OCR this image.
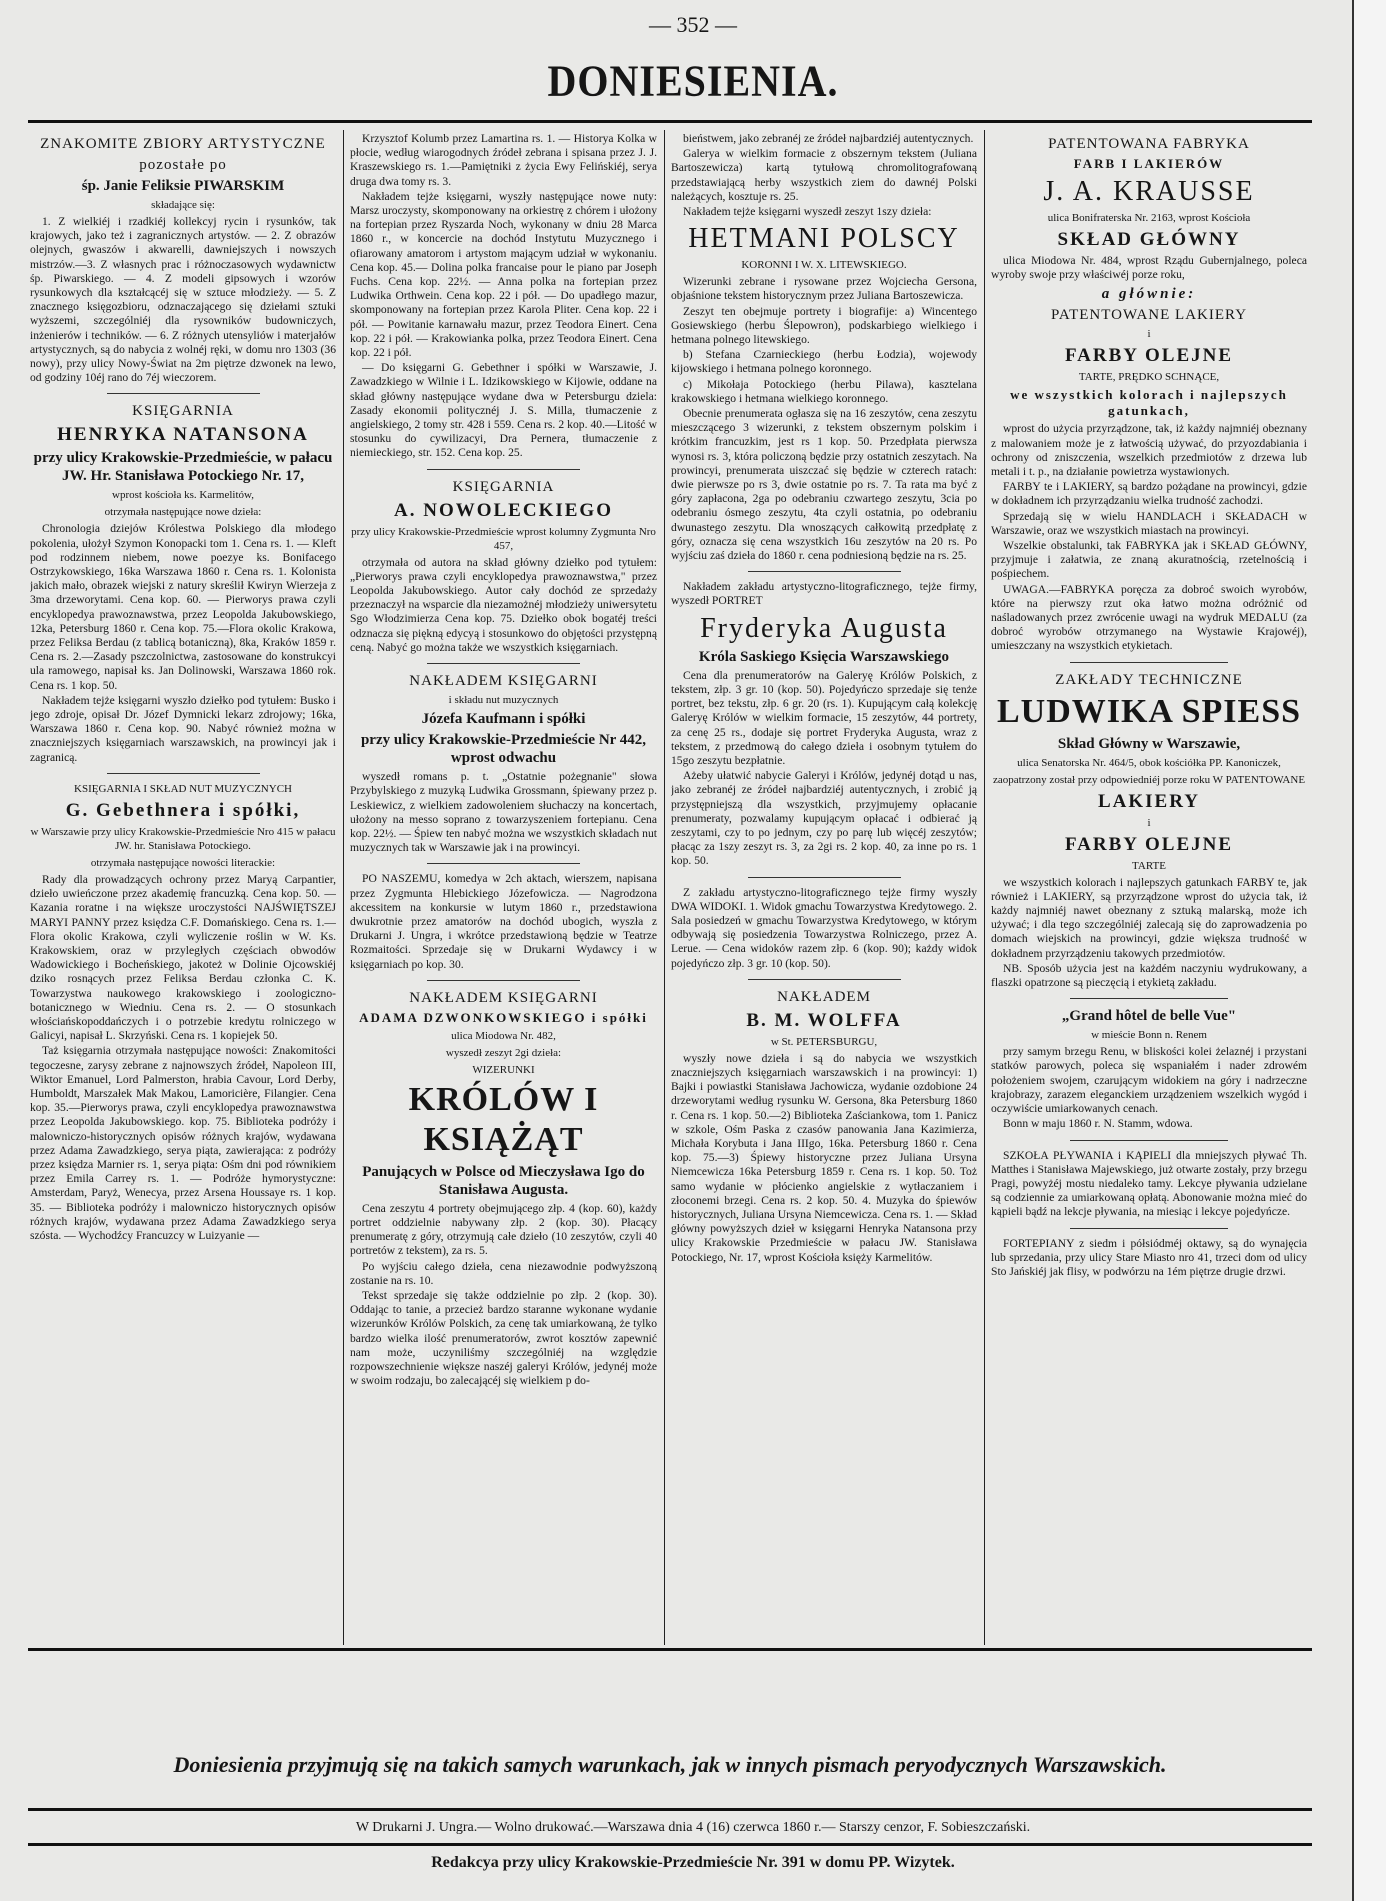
— 352 —
DONIESIENIA.
ZNAKOMITE ZBIORY ARTYSTYCZNE
pozostałe po
śp. Janie Feliksie PIWARSKIM
składające się:

1. Z wielkiéj i rzadkiéj kollekcyj rycin i rysunków, tak krajowych, jako też i zagranicznych artystów. — 2. Z obrazów olejnych, gwaszów i akwarelli, dawniejszych i nowszych mistrzów.—3. Z własnych prac i różnoczasowych wydawnictw śp. Piwarskiego. — 4. Z modeli gipsowych i wzorów rysunkowych dla kształcącéj się w sztuce młodzieży. — 5. Z znacznego księgozbioru, odznaczającego się dziełami sztuki wyższemi, szczególniéj dla rysowników budowniczych, inżenierów i techników. — 6. Z różnych utensyliów i materjałów artystycznych, są do nabycia z wolnéj ręki, w domu nro 1303 (36 nowy), przy ulicy Nowy-Świat na 2m piętrze dzwonek na lewo, od godziny 10éj rano do 7éj wieczorem.

KSIĘGARNIA
HENRYKA NATANSONA
przy ulicy Krakowskie-Przedmieście, w pałacu JW. Hr. Stanisława Potockiego Nr. 17,
wprost kościoła ks. Karmelitów,
otrzymała następujące nowe dzieła:

Chronologia dziejów Królestwa Polskiego dla młodego pokolenia, ułożył Szymon Konopacki tom 1. Cena rs. 1. — Kleft pod rodzinnem niebem, nowe poezye ks. Bonifacego Ostrzykowskiego, 16ka Warszawa 1860 r. Cena rs. 1. Kolonista jakich mało, obrazek wiejski z natury skreślił Kwiryn Wierzeja z 3ma drzeworytami. Cena kop. 60. — Pierworys prawa czyli encyklopedya prawoznawstwa, przez Leopolda Jakubowskiego, 12ka, Petersburg 1860 r. Cena kop. 75.—Flora okolic Krakowa, przez Feliksa Berdau (z tablicą botaniczną), 8ka, Kraków 1859 r. Cena rs. 2.—Zasady pszczolnictwa, zastosowane do konstrukcyi ula ramowego, napisał ks. Jan Dolinowski, Warszawa 1860 rok. Cena rs. 1 kop. 50.

Nakładem tejże księgarni wyszło dziełko pod tytułem: Busko i jego zdroje, opisał Dr. Józef Dymnicki lekarz zdrojowy; 16ka, Warszawa 1860 r. Cena kop. 90. Nabyć również można w znaczniejszych księgarniach warszawskich, na prowincyi jak i zagranicą.

KSIĘGARNIA I SKŁAD NUT MUZYCZNYCH
G. Gebethnera i spółki,
w Warszawie przy ulicy Krakowskie-Przedmieście Nro 415 w pałacu JW. hr. Stanisława Potockiego.
otrzymała następujące nowości literackie:

Rady dla prowadzących ochrony przez Maryą Carpantier, dzieło uwieńczone przez akademię francuzką. Cena kop. 50. — Kazania roratne i na większe uroczystości NAJŚWIĘTSZEJ MARYI PANNY przez księdza C.F. Domańskiego. Cena rs. 1.—Flora okolic Krakowa, czyli wyliczenie roślin w W. Ks. Krakowskiem, oraz w przyległych częściach obwodów Wadowickiego i Bocheńskiego, jakoteż w Dolinie Ojcowskiéj dziko rosnących przez Feliksa Berdau członka C. K. Towarzystwa naukowego krakowskiego i zoologiczno-botanicznego w Wiedniu. Cena rs. 2. — O stosunkach włościańskopoddańczych i o potrzebie kredytu rolniczego w Galicyi, napisał L. Skrzyński. Cena rs. 1 kopiejek 50.

Taż księgarnia otrzymała następujące nowości: Znakomitości tegoczesne, zarysy zebrane z najnowszych źródeł, Napoleon III, Wiktor Emanuel, Lord Palmerston, hrabia Cavour, Lord Derby, Humboldt, Marszałek Mak Makou, Lamoricière, Filangier. Cena kop. 35.—Pierworys prawa, czyli encyklopedya prawoznawstwa przez Leopolda Jakubowskiego. kop. 75. Biblioteka podróży i malowniczo-historycznych opisów różnych krajów, wydawana przez Adama Zawadzkiego, serya piąta, zawierająca: z podróży przez księdza Marnier rs. 1, serya piąta: Ośm dni pod równikiem przez Emila Carrey rs. 1. — Podróże hymorystyczne: Amsterdam, Paryż, Wenecya, przez Arsena Houssaye rs. 1 kop. 35. — Biblioteka podróży i malowniczo historycznych opisów różnych krajów, wydawana przez Adama Zawadzkiego serya szósta. — Wychodźcy Francuzcy w Luizyanie —

Krzysztof Kolumb przez Lamartina rs. 1. — Historya Kolka w płocie, według wiarogodnych źródeł zebrana i spisana przez J. J. Kraszewskiego rs. 1.—Pamiętniki z życia Ewy Felińskiéj, serya druga dwa tomy rs. 3.

Nakładem tejże księgarni, wyszły następujące nowe nuty: Marsz uroczysty, skomponowany na orkiestrę z chórem i ułożony na fortepian przez Ryszarda Noch, wykonany w dniu 28 Marca 1860 r., w koncercie na dochód Instytutu Muzycznego i ofiarowany amatorom i artystom mającym udział w wykonaniu. Cena kop. 45.— Dolina polka francaise pour le piano par Joseph Fuchs. Cena kop. 22½. — Anna polka na fortepian przez Ludwika Orthwein. Cena kop. 22 i pół. — Do upadłego mazur, skomponowany na fortepian przez Karola Pliter. Cena kop. 22 i pół. — Powitanie karnawału mazur, przez Teodora Einert. Cena kop. 22 i pół. — Krakowianka polka, przez Teodora Einert. Cena kop. 22 i pół.

— Do księgarni G. Gebethner i spółki w Warszawie, J. Zawadzkiego w Wilnie i L. Idzikowskiego w Kijowie, oddane na skład główny następujące wydane dwa w Petersburgu dziela: Zasady ekonomii politycznéj J. S. Milla, tłumaczenie z angielskiego, 2 tomy str. 428 i 559. Cena rs. 2 kop. 40.—Litość w stosunku do cywilizacyi, Dra Pernera, tłumaczenie z niemieckiego, str. 152. Cena kop. 25.

KSIĘGARNIA
A. NOWOLECKIEGO
przy ulicy Krakowskie-Przedmieście wprost kolumny Zygmunta Nro 457,

otrzymała od autora na skład główny dziełko pod tytułem: „Pierworys prawa czyli encyklopedya prawoznawstwa," przez Leopolda Jakubowskiego. Autor cały dochód ze sprzedaży przeznaczył na wsparcie dla niezamożnéj młodzieży uniwersytetu Sgo Włodzimierza Cena kop. 75. Dziełko obok bogatéj treści odznacza się piękną edycyą i stosunkowo do objętości przystępną ceną. Nabyć go można także we wszystkich księgarniach.

NAKŁADEM KSIĘGARNI
i składu nut muzycznych
Józefa Kaufmann i spółki
przy ulicy Krakowskie-Przedmieście Nr 442, wprost odwachu

wyszedł romans p. t. „Ostatnie pożegnanie" słowa Przybylskiego z muzyką Ludwika Grossmann, śpiewany przez p. Leskiewicz, z wielkiem zadowoleniem słuchaczy na koncertach, ułożony na messo soprano z towarzyszeniem fortepianu. Cena kop. 22½. — Śpiew ten nabyć można we wszystkich składach nut muzycznych tak w Warszawie jak i na prowincyi.

PO NASZEMU, komedya w 2ch aktach, wierszem, napisana przez Zygmunta Hlebickiego Józefowicza. — Nagrodzona akcessitem na konkursie w lutym 1860 r., przedstawiona dwukrotnie przez amatorów na dochód ubogich, wyszła z Drukarni J. Ungra, i wkrótce przedstawioną będzie w Teatrze Rozmaitości. Sprzedaje się w Drukarni Wydawcy i w księgarniach po kop. 30.

NAKŁADEM KSIĘGARNI
ADAMA DZWONKOWSKIEGO i spółki
ulica Miodowa Nr. 482,
wyszedł zeszyt 2gi dzieła:
WIZERUNKI
KRÓLÓW I KSIĄŻĄT
Panujących w Polsce od Mieczysława Igo do Stanisława Augusta.

Cena zeszytu 4 portrety obejmującego złp. 4 (kop. 60), każdy portret oddzielnie nabywany złp. 2 (kop. 30). Płacący prenumeratę z góry, otrzymują całe dzieło (10 zeszytów, czyli 40 portretów z tekstem), za rs. 5.

Po wyjściu całego dzieła, cena niezawodnie podwyższoną zostanie na rs. 10.

Tekst sprzedaje się także oddzielnie po złp. 2 (kop. 30). Oddając to tanie, a przecież bardzo staranne wykonane wydanie wizerunków Królów Polskich, za cenę tak umiarkowaną, że tylko bardzo wielka ilość prenumeratorów, zwrot kosztów zapewnić nam może, uczyniliśmy szczególniéj na względzie rozpowszechnienie większe naszéj galeryi Królów, jedynéj może w swoim rodzaju, bo zalecającéj się wielkiem p do-

bieństwem, jako zebranéj ze źródeł najbardziéj autentycznych.

Galerya w wielkim formacie z obszernym tekstem (Juliana Bartoszewicza) kartą tytułową chromolitografowaną przedstawiającą herby wszystkich ziem do dawnéj Polski należących, kosztuje rs. 25.

Nakładem tejże księgarni wyszedł zeszyt 1szy dzieła:

HETMANI POLSCY
KORONNI I W. X. LITEWSKIEGO.

Wizerunki zebrane i rysowane przez Wojciecha Gersona, objaśnione tekstem historycznym przez Juliana Bartoszewicza.

Zeszyt ten obejmuje portrety i biografije: a) Wincentego Gosiewskiego (herbu Ślepowron), podskarbiego wielkiego i hetmana polnego litewskiego.

b) Stefana Czarnieckiego (herbu Łodzia), wojewody kijowskiego i hetmana polnego koronnego.

c) Mikołaja Potockiego (herbu Pilawa), kasztelana krakowskiego i hetmana wielkiego koronnego.

Obecnie prenumerata ogłasza się na 16 zeszytów, cena zeszytu mieszczącego 3 wizerunki, z tekstem obszernym polskim i krótkim francuzkim, jest rs 1 kop. 50. Przedpłata pierwsza wynosi rs. 3, która policzoną będzie przy ostatnich zeszytach. Na prowincyi, prenumerata uiszczać się będzie w czterech ratach: dwie pierwsze po rs 3, dwie ostatnie po rs. 7. Ta rata ma być z góry zapłacona, 2ga po odebraniu czwartego zeszytu, 3cia po odebraniu ósmego zeszytu, 4ta czyli ostatnia, po odebraniu dwunastego zeszytu. Dla wnoszących całkowitą przedpłatę z góry, oznacza się cena wszystkich 16u zeszytów na 20 rs. Po wyjściu zaś dzieła do 1860 r. cena podniesioną będzie na rs. 25.

Nakładem zakładu artystyczno-litograficznego, tejże firmy, wyszedł PORTRET

Fryderyka Augusta
Króla Saskiego Księcia Warszawskiego

Cena dla prenumeratorów na Galeryę Królów Polskich, z tekstem, złp. 3 gr. 10 (kop. 50). Pojedyńczo sprzedaje się tenże portret, bez tekstu, złp. 6 gr. 20 (rs. 1). Kupującym całą kolekcję Galeryę Królów w wielkim formacie, 15 zeszytów, 44 portrety, za cenę 25 rs., dodaje się portret Fryderyka Augusta, wraz z tekstem, z przedmową do całego dzieła i osobnym tytułem do 15go zeszytu bezpłatnie.

Ażeby ułatwić nabycie Galeryi i Królów, jedynéj dotąd u nas, jako zebranéj ze źródeł najbardziéj autentycznych, i zrobić ją przystępniejszą dla wszystkich, przyjmujemy opłacanie prenumeraty, pozwalamy kupującym opłacać i odbierać ją zeszytami, czy to po jednym, czy po parę lub więcéj zeszytów; płacąc za 1szy zeszyt rs. 3, za 2gi rs. 2 kop. 40, za inne po rs. 1 kop. 50.

Z zakładu artystyczno-litograficznego tejże firmy wyszły DWA WIDOKI. 1. Widok gmachu Towarzystwa Kredytowego. 2. Sala posiedzeń w gmachu Towarzystwa Kredytowego, w którym odbywają się posiedzenia Towarzystwa Rolniczego, przez A. Lerue. — Cena widoków razem złp. 6 (kop. 90); każdy widok pojedyńczo złp. 3 gr. 10 (kop. 50).

NAKŁADEM
B. M. WOLFFA
w St. PETERSBURGU,

wyszły nowe dzieła i są do nabycia we wszystkich znaczniejszych księgarniach warszawskich i na prowincyi: 1) Bajki i powiastki Stanisława Jachowicza, wydanie ozdobione 24 drzeworytami według rysunku W. Gersona, 8ka Petersburg 1860 r. Cena rs. 1 kop. 50.—2) Biblioteka Zaściankowa, tom 1. Panicz w szkole, Ośm Paska z czasów panowania Jana Kazimierza, Michała Korybuta i Jana IIIgo, 16ka. Petersburg 1860 r. Cena kop. 75.—3) Śpiewy historyczne przez Juliana Ursyna Niemcewicza 16ka Petersburg 1859 r. Cena rs. 1 kop. 50. Toż samo wydanie w płócienko angielskie z wytłaczaniem i złoconemi brzegi. Cena rs. 2 kop. 50. 4. Muzyka do śpiewów historycznych, Juliana Ursyna Niemcewicza. Cena rs. 1. — Skład główny powyższych dzieł w księgarni Henryka Natansona przy ulicy Krakowskie Przedmieście w pałacu JW. Stanisława Potockiego, Nr. 17, wprost Kościoła księży Karmelitów.

PATENTOWANA FABRYKA
FARB I LAKIERÓW
J. A. KRAUSSE
ulica Bonifraterska Nr. 2163, wprost Kościoła
SKŁAD GŁÓWNY

ulica Miodowa Nr. 484, wprost Rządu Gubernjalnego, poleca wyroby swoje przy właściwéj porze roku,

a głównie:
PATENTOWANE LAKIERY
i
FARBY OLEJNE
TARTE, PRĘDKO SCHNĄCE,
we wszystkich kolorach i najlepszych gatunkach,

wprost do użycia przyrządzone, tak, iż każdy najmniéj obeznany z malowaniem może je z łatwością używać, do przyozdabiania i ochrony od zniszczenia, wszelkich przedmiotów z drzewa lub metali i t. p., na działanie powietrza wystawionych.

FARBY te i LAKIERY, są bardzo pożądane na prowincyi, gdzie w dokładnem ich przyrządzaniu wielka trudność zachodzi.

Sprzedają się w wielu HANDLACH i SKŁADACH w Warszawie, oraz we wszystkich miastach na prowincyi.

Wszelkie obstalunki, tak FABRYKA jak i SKŁAD GŁÓWNY, przyjmuje i załatwia, ze znaną akuratnością, rzetelnością i pośpiechem.

UWAGA.—FABRYKA poręcza za dobroć swoich wyrobów, które na pierwszy rzut oka łatwo można odróżnić od naśladowanych przez zwrócenie uwagi na wydruk MEDALU (za dobroć wyrobów otrzymanego na Wystawie Krajowéj), umieszczany na wszystkich etykietach.

ZAKŁADY TECHNICZNE
LUDWIKA SPIESS
Skład Główny w Warszawie,
ulica Senatorska Nr. 464/5, obok kościółka PP. Kanoniczek,
zaopatrzony został przy odpowiedniéj porze roku W PATENTOWANE
LAKIERY
i
FARBY OLEJNE
TARTE

we wszystkich kolorach i najlepszych gatunkach FARBY te, jak również i LAKIERY, są przyrządzone wprost do użycia tak, iż każdy najmniéj nawet obeznany z sztuką malarską, może ich używać; i dla tego szczególniéj zalecają się do zaprowadzenia po domach wiejskich na prowincyi, gdzie większa trudność w dokładnem przyrządzeniu takowych przedmiotów.

NB. Sposób użycia jest na każdém naczyniu wydrukowany, a flaszki opatrzone są pieczęcią i etykietą zakładu.

„Grand hôtel de belle Vue"
w mieście Bonn n. Renem

przy samym brzegu Renu, w bliskości kolei żelaznéj i przystani statków parowych, poleca się wspaniałém i nader zdrowém położeniem swojem, czarującym widokiem na góry i nadrzeczne krajobrazy, zarazem eleganckiem urządzeniem wszelkich wygód i oczywiście umiarkowanych cenach.

Bonn w maju 1860 r. N. Stamm, wdowa.

SZKOŁA PŁYWANIA i KĄPIELI dla mniejszych pływać Th. Matthes i Stanisława Majewskiego, już otwarte zostały, przy brzegu Pragi, powyżéj mostu niedaleko tamy. Lekcye pływania udzielane są codziennie za umiarkowaną opłatą. Abonowanie można mieć do kąpieli bądź na lekcje pływania, na miesiąc i lekcye pojedyńcze.

FORTEPIANY z siedm i półsiódméj oktawy, są do wynajęcia lub sprzedania, przy ulicy Stare Miasto nro 41, trzeci dom od ulicy Sto Jańskiéj jak flisy, w podwórzu na 1ém piętrze drugie drzwi.

Doniesienia przyjmują się na takich samych warunkach, jak w innych pismach peryodycznych Warszawskich.
W Drukarni J. Ungra.— Wolno drukować.—Warszawa dnia 4 (16) czerwca 1860 r.— Starszy cenzor, F. Sobieszczański.
Redakcya przy ulicy Krakowskie-Przedmieście Nr. 391 w domu PP. Wizytek.
